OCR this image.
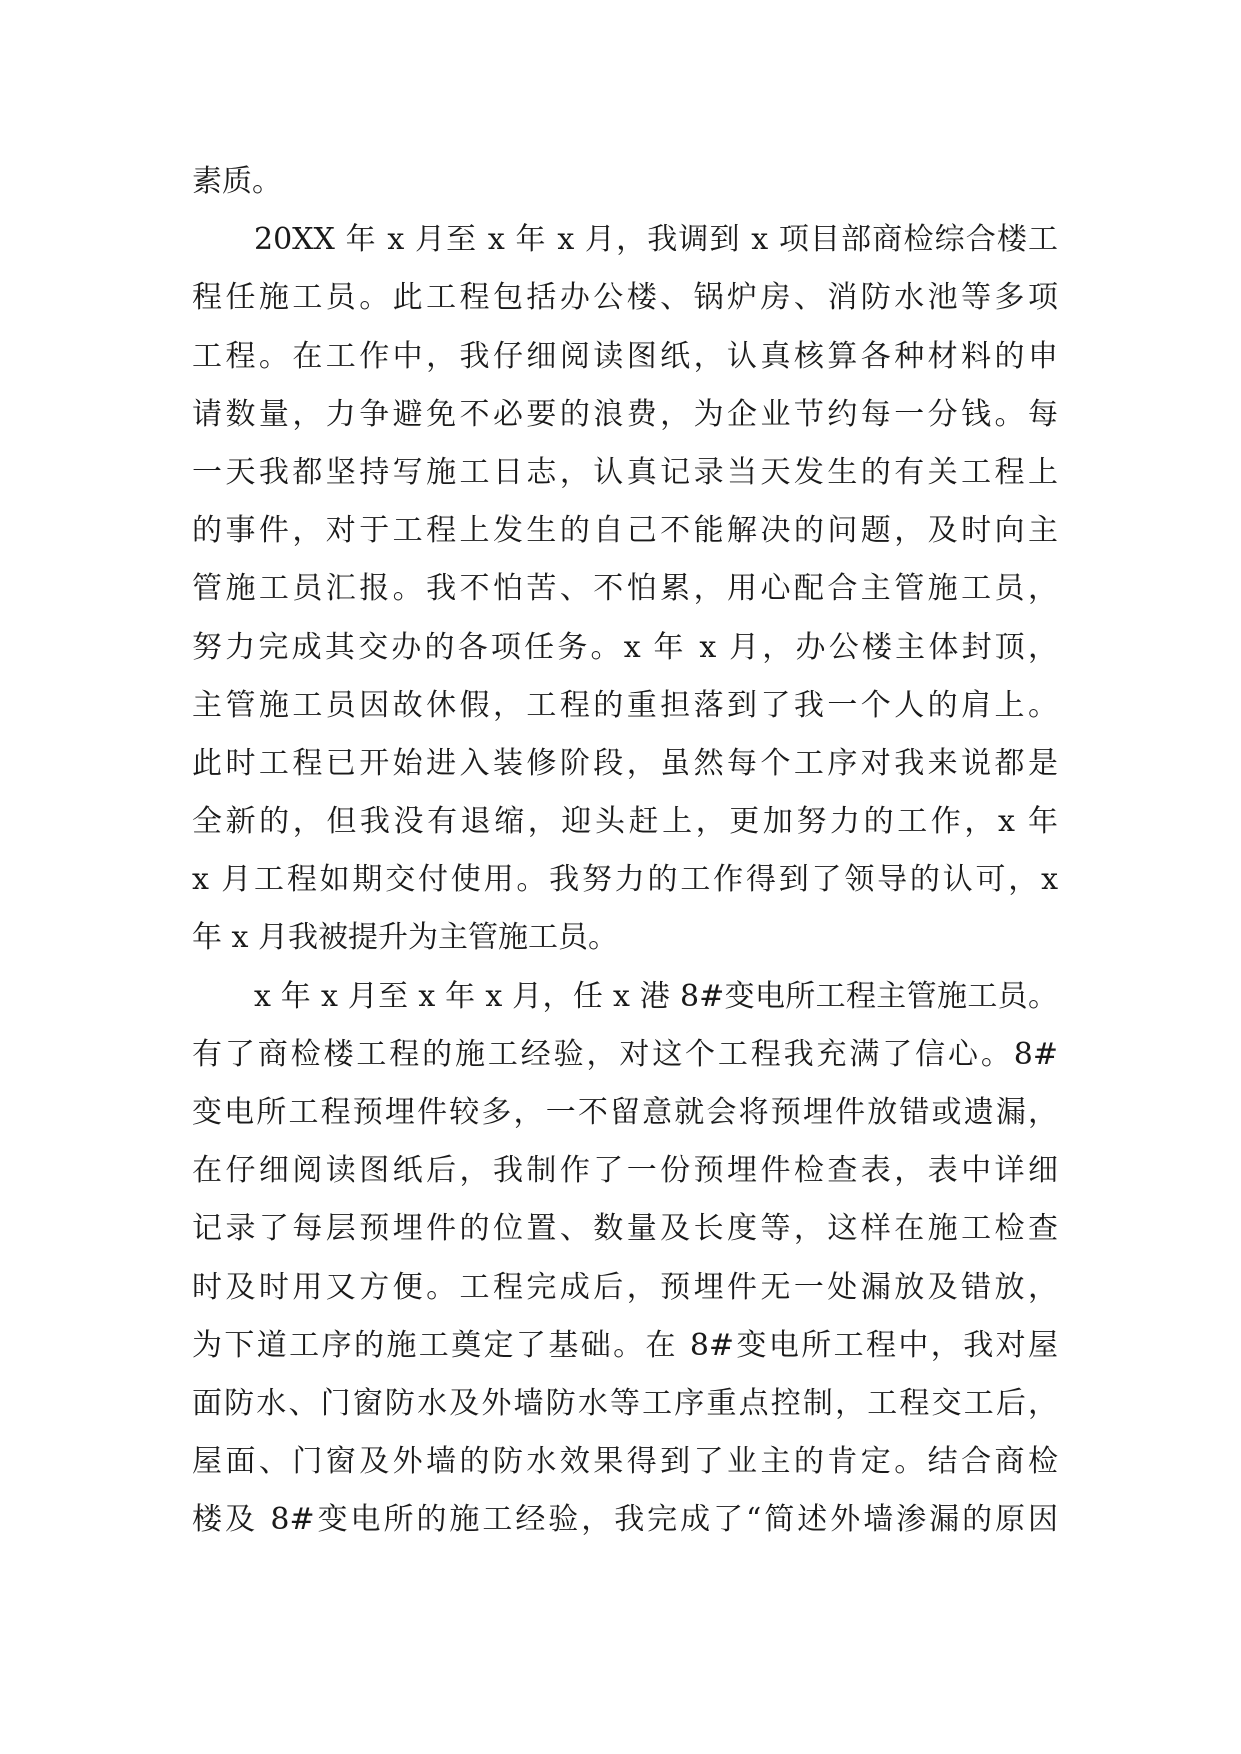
素质。
20XX 年 x 月至 x 年 x 月，我调到 x 项目部商检综合楼工
程任施工员。此工程包括办公楼、锅炉房、消防水池等多项
工程。在工作中，我仔细阅读图纸，认真核算各种材料的申
请数量，力争避免不必要的浪费，为企业节约每一分钱。每
一天我都坚持写施工日志，认真记录当天发生的有关工程上
的事件，对于工程上发生的自己不能解决的问题，及时向主
管施工员汇报。我不怕苦、不怕累，用心配合主管施工员，
努力完成其交办的各项任务。x 年 x 月，办公楼主体封顶，
主管施工员因故休假，工程的重担落到了我一个人的肩上。
此时工程已开始进入装修阶段，虽然每个工序对我来说都是
全新的，但我没有退缩，迎头赶上，更加努力的工作，x 年
x 月工程如期交付使用。我努力的工作得到了领导的认可，x
年 x 月我被提升为主管施工员。
x 年 x 月至 x 年 x 月，任 x 港 8#变电所工程主管施工员。
有了商检楼工程的施工经验，对这个工程我充满了信心。8#
变电所工程预埋件较多，一不留意就会将预埋件放错或遗漏，
在仔细阅读图纸后，我制作了一份预埋件检查表，表中详细
记录了每层预埋件的位置、数量及长度等，这样在施工检查
时及时用又方便。工程完成后，预埋件无一处漏放及错放，
为下道工序的施工奠定了基础。在 8#变电所工程中，我对屋
面防水、门窗防水及外墙防水等工序重点控制，工程交工后，
屋面、门窗及外墙的防水效果得到了业主的肯定。结合商检
楼及 8#变电所的施工经验，我完成了“简述外墙渗漏的原因
